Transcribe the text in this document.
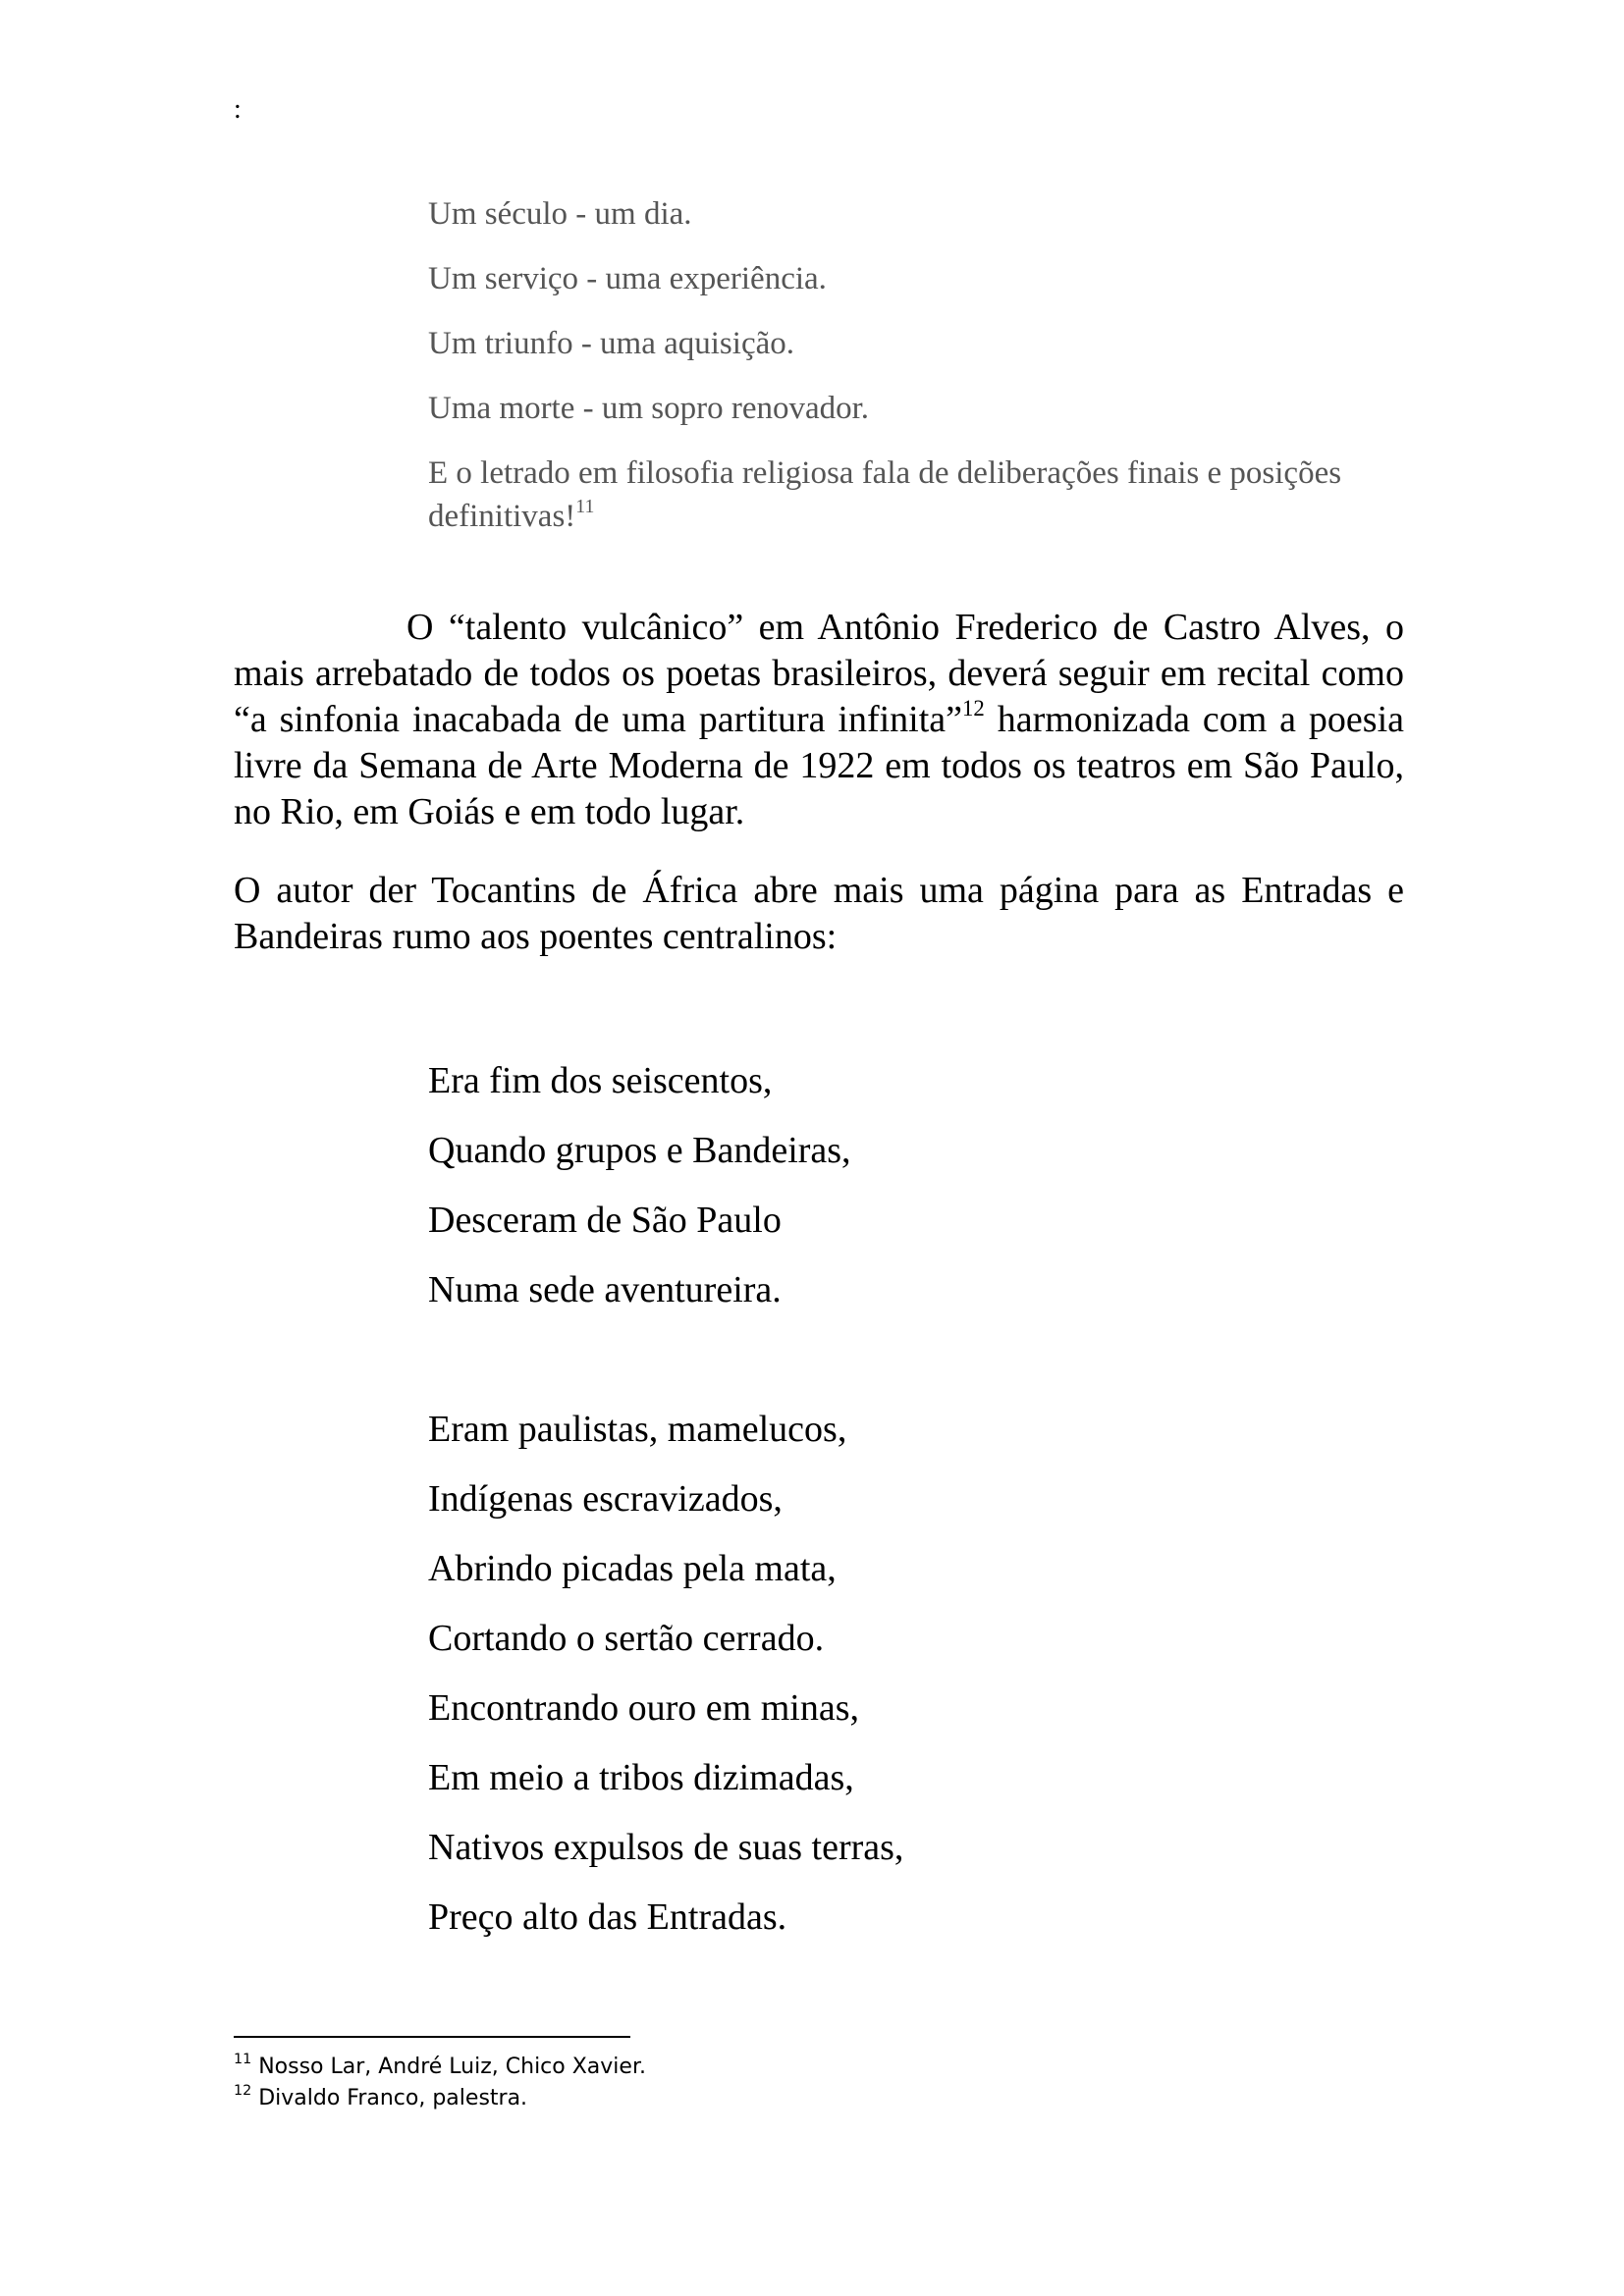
:

Um século - um dia.

Um serviço - uma experiência.

Um triunfo - uma aquisição.

Uma morte - um sopro renovador.

E o letrado em filosofia religiosa fala de deliberações finais e posições definitivas!$^{11}$

O “talento vulcânico” em Antônio Frederico de Castro Alves, o mais arrebatado de todos os poetas brasileiros, deverá seguir em recital como “a sinfonia inacabada de uma partitura infinita”$^{12}$ harmonizada com a poesia livre da Semana de Arte Moderna de 1922 em todos os teatros em São Paulo, no Rio, em Goiás e em todo lugar.

O autor der Tocantins de África abre mais uma página para as Entradas e Bandeiras rumo aos poentes centralinos:

Era fim dos seiscentos,

Quando grupos e Bandeiras,

Desceram de São Paulo

Numa sede aventureira.

Eram paulistas, mamelucos,

Indígenas escravizados,

Abrindo picadas pela mata,

Cortando o sertão cerrado.

Encontrando ouro em minas,

Em meio a tribos dizimadas,

Nativos expulsos de suas terras,

Preço alto das Entradas.

$^{11}$ Nosso Lar, André Luiz, Chico Xavier.

$^{12}$ Divaldo Franco, palestra.
